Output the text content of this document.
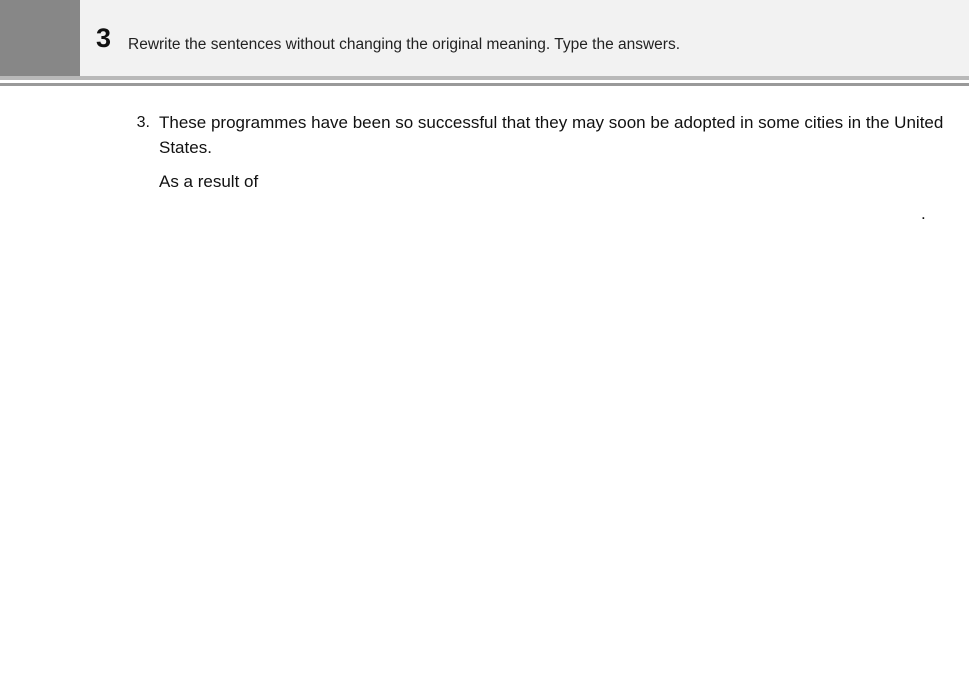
3 Rewrite the sentences without changing the original meaning. Type the answers.
3. These programmes have been so successful that they may soon be adopted in some cities in the United States.
As a result of
.
